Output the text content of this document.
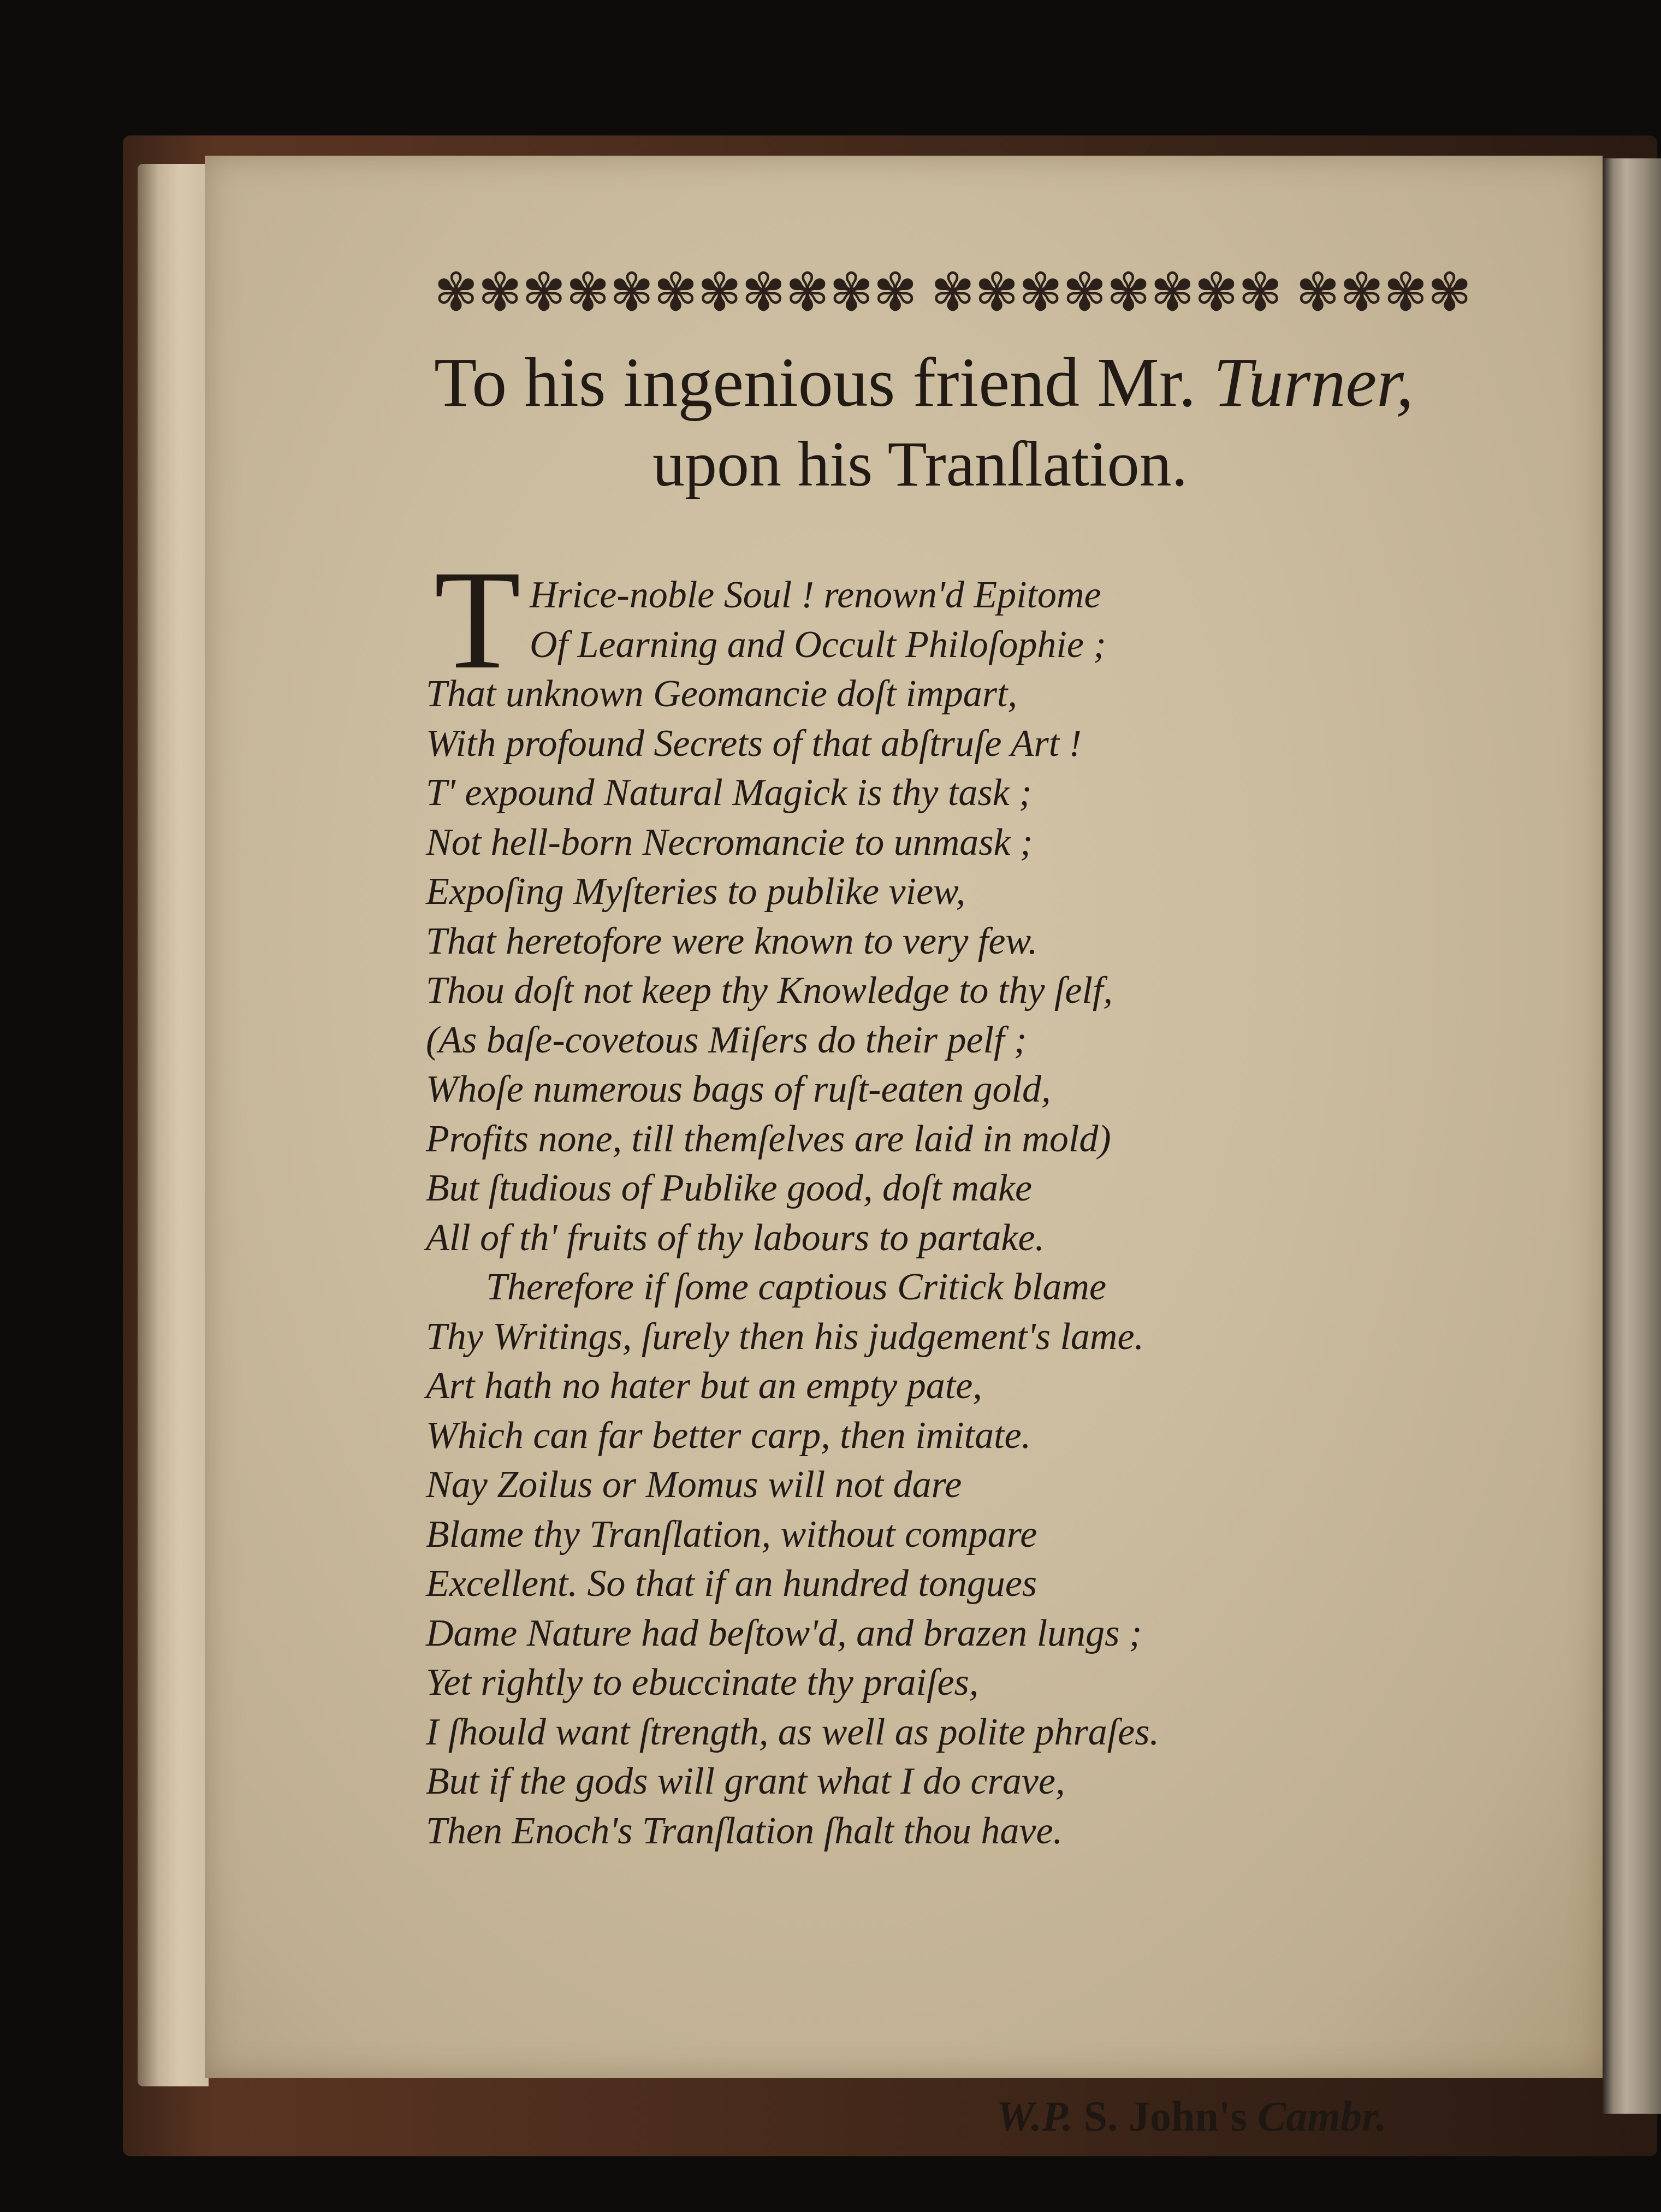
✾✾✾✾✾✾✾✾✾✾✾ ✾✾✾✾✾✾✾✾ ✾✾✾✾
To his ingenious friend Mr. Turner,
upon his Tranſlation.
T Hrice-noble Soul ! renown'd Epitome
Of Learning and Occult Philoſophie ;
That unknown Geomancie doſt impart,
With profound Secrets of that abſtruſe Art !
T' expound Natural Magick is thy task ;
Not hell-born Necromancie to unmask ;
Expoſing Myſteries to publike view,
That heretofore were known to very few.
Thou doſt not keep thy Knowledge to thy ſelf,
(As baſe-covetous Miſers do their pelf ;
Whoſe numerous bags of ruſt-eaten gold,
Profits none, till themſelves are laid in mold)
But ſtudious of Publike good, doſt make
All of th' fruits of thy labours to partake.
Therefore if ſome captious Critick blame
Thy Writings, ſurely then his judgement's lame.
Art hath no hater but an empty pate,
Which can far better carp, then imitate.
Nay Zoilus or Momus will not dare
Blame thy Tranſlation, without compare
Excellent. So that if an hundred tongues
Dame Nature had beſtow'd, and brazen lungs ;
Yet rightly to ebuccinate thy praiſes,
I ſhould want ſtrength, as well as polite phraſes.
But if the gods will grant what I do crave,
Then Enoch's Tranſlation ſhalt thou have.
W.P. S. John's Cambr.
